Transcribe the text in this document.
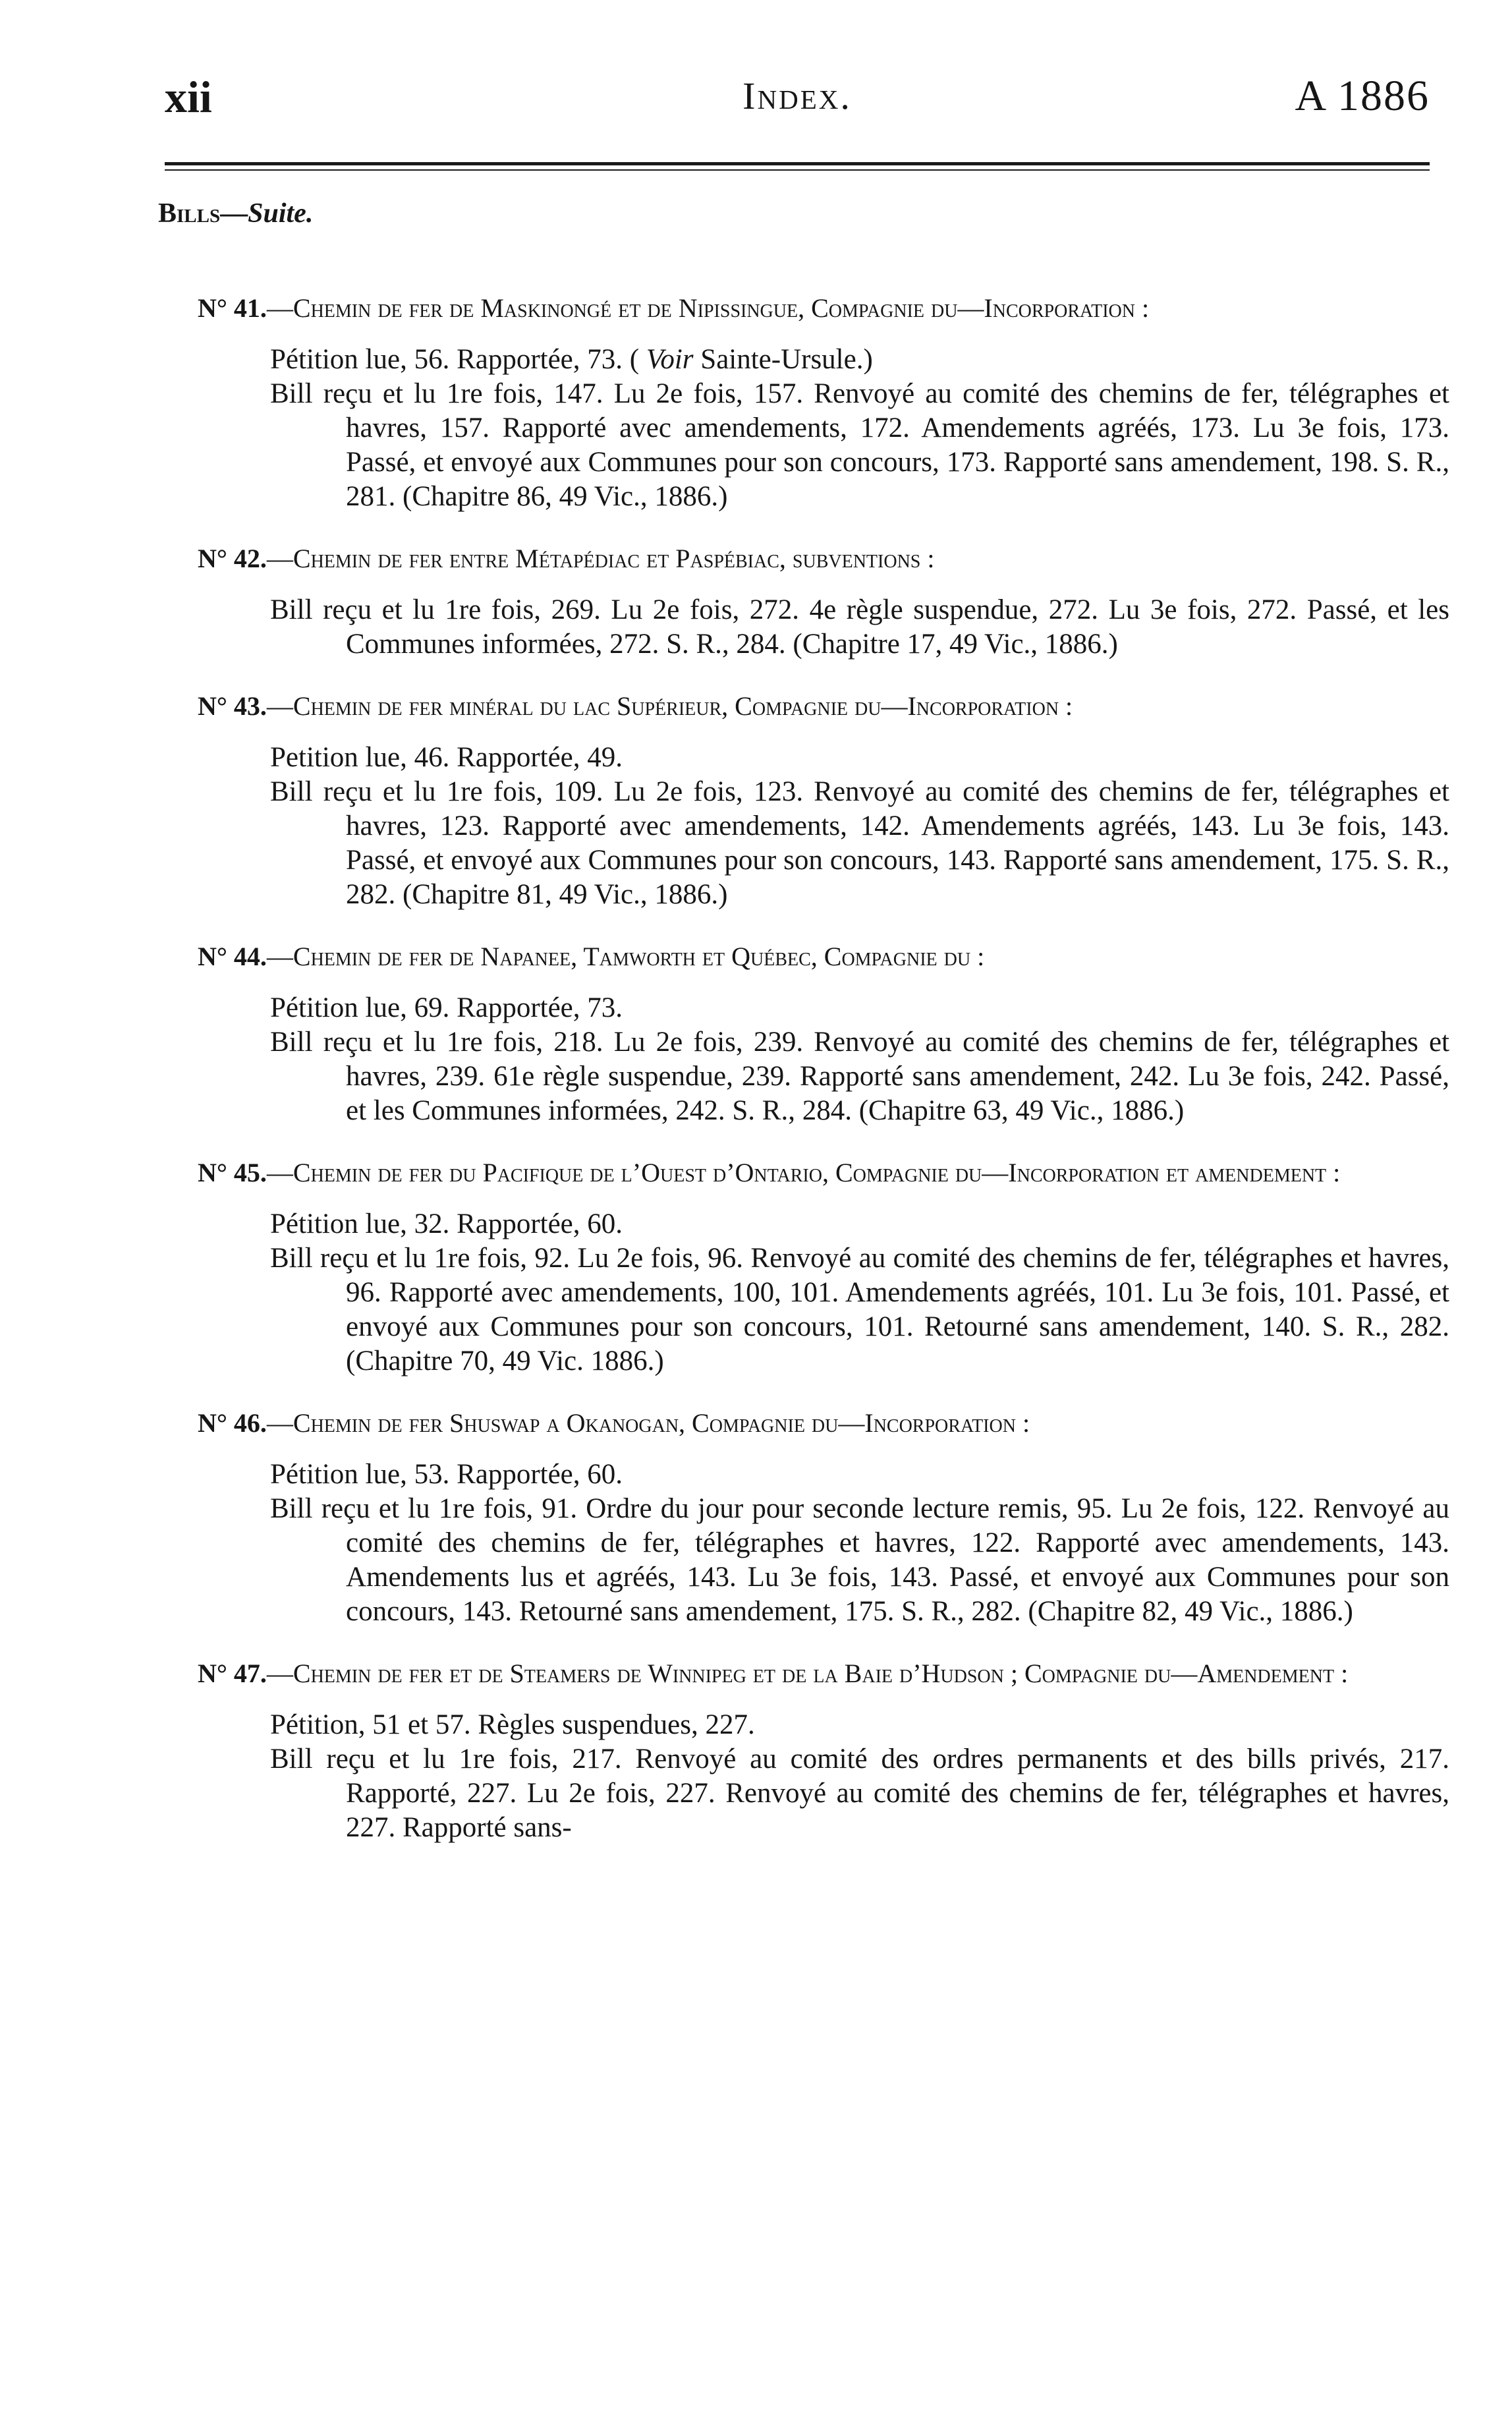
xii	Index.	A 1886
Bills—Suite.

N° 41.—Chemin de fer de Maskinongé et de Nipissingue, Compagnie du—Incorporation :

Pétition lue, 56. Rapportée, 73. ( Voir Sainte-Ursule.)

Bill reçu et lu 1re fois, 147. Lu 2e fois, 157. Renvoyé au comité des chemins de fer, télégraphes et havres, 157. Rapporté avec amendements, 172. Amendements agréés, 173. Lu 3e fois, 173. Passé, et envoyé aux Communes pour son concours, 173. Rapporté sans amendement, 198. S. R., 281. (Chapitre 86, 49 Vic., 1886.)

N° 42.—Chemin de fer entre Métapédiac et Paspébiac, subventions :

Bill reçu et lu 1re fois, 269. Lu 2e fois, 272. 4e règle suspendue, 272. Lu 3e fois, 272. Passé, et les Communes informées, 272. S. R., 284. (Chapitre 17, 49 Vic., 1886.)

N° 43.—Chemin de fer minéral du lac Supérieur, Compagnie du—Incorporation :

Petition lue, 46. Rapportée, 49.

Bill reçu et lu 1re fois, 109. Lu 2e fois, 123. Renvoyé au comité des chemins de fer, télégraphes et havres, 123. Rapporté avec amendements, 142. Amendements agréés, 143. Lu 3e fois, 143. Passé, et envoyé aux Communes pour son concours, 143. Rapporté sans amendement, 175. S. R., 282. (Chapitre 81, 49 Vic., 1886.)

N° 44.—Chemin de fer de Napanee, Tamworth et Québec, Compagnie du :

Pétition lue, 69. Rapportée, 73.

Bill reçu et lu 1re fois, 218. Lu 2e fois, 239. Renvoyé au comité des chemins de fer, télégraphes et havres, 239. 61e règle suspendue, 239. Rapporté sans amendement, 242. Lu 3e fois, 242. Passé, et les Communes informées, 242. S. R., 284. (Chapitre 63, 49 Vic., 1886.)

N° 45.—Chemin de fer du Pacifique de l’Ouest d’Ontario, Compagnie du—Incorporation et amendement :

Pétition lue, 32. Rapportée, 60.

Bill reçu et lu 1re fois, 92. Lu 2e fois, 96. Renvoyé au comité des chemins de fer, télégraphes et havres, 96. Rapporté avec amendements, 100, 101. Amendements agréés, 101. Lu 3e fois, 101. Passé, et envoyé aux Communes pour son concours, 101. Retourné sans amendement, 140. S. R., 282. (Chapitre 70, 49 Vic. 1886.)

N° 46.—Chemin de fer Shuswap a Okanogan, Compagnie du—Incorporation :

Pétition lue, 53. Rapportée, 60.

Bill reçu et lu 1re fois, 91. Ordre du jour pour seconde lecture remis, 95. Lu 2e fois, 122. Renvoyé au comité des chemins de fer, télégraphes et havres, 122. Rapporté avec amendements, 143. Amendements lus et agréés, 143. Lu 3e fois, 143. Passé, et envoyé aux Communes pour son concours, 143. Retourné sans amendement, 175. S. R., 282. (Chapitre 82, 49 Vic., 1886.)

N° 47.—Chemin de fer et de Steamers de Winnipeg et de la Baie d’Hudson ; Compagnie du—Amendement :

Pétition, 51 et 57. Règles suspendues, 227.

Bill reçu et lu 1re fois, 217. Renvoyé au comité des ordres permanents et des bills privés, 217. Rapporté, 227. Lu 2e fois, 227. Renvoyé au comité des chemins de fer, télégraphes et havres, 227. Rapporté sans-
